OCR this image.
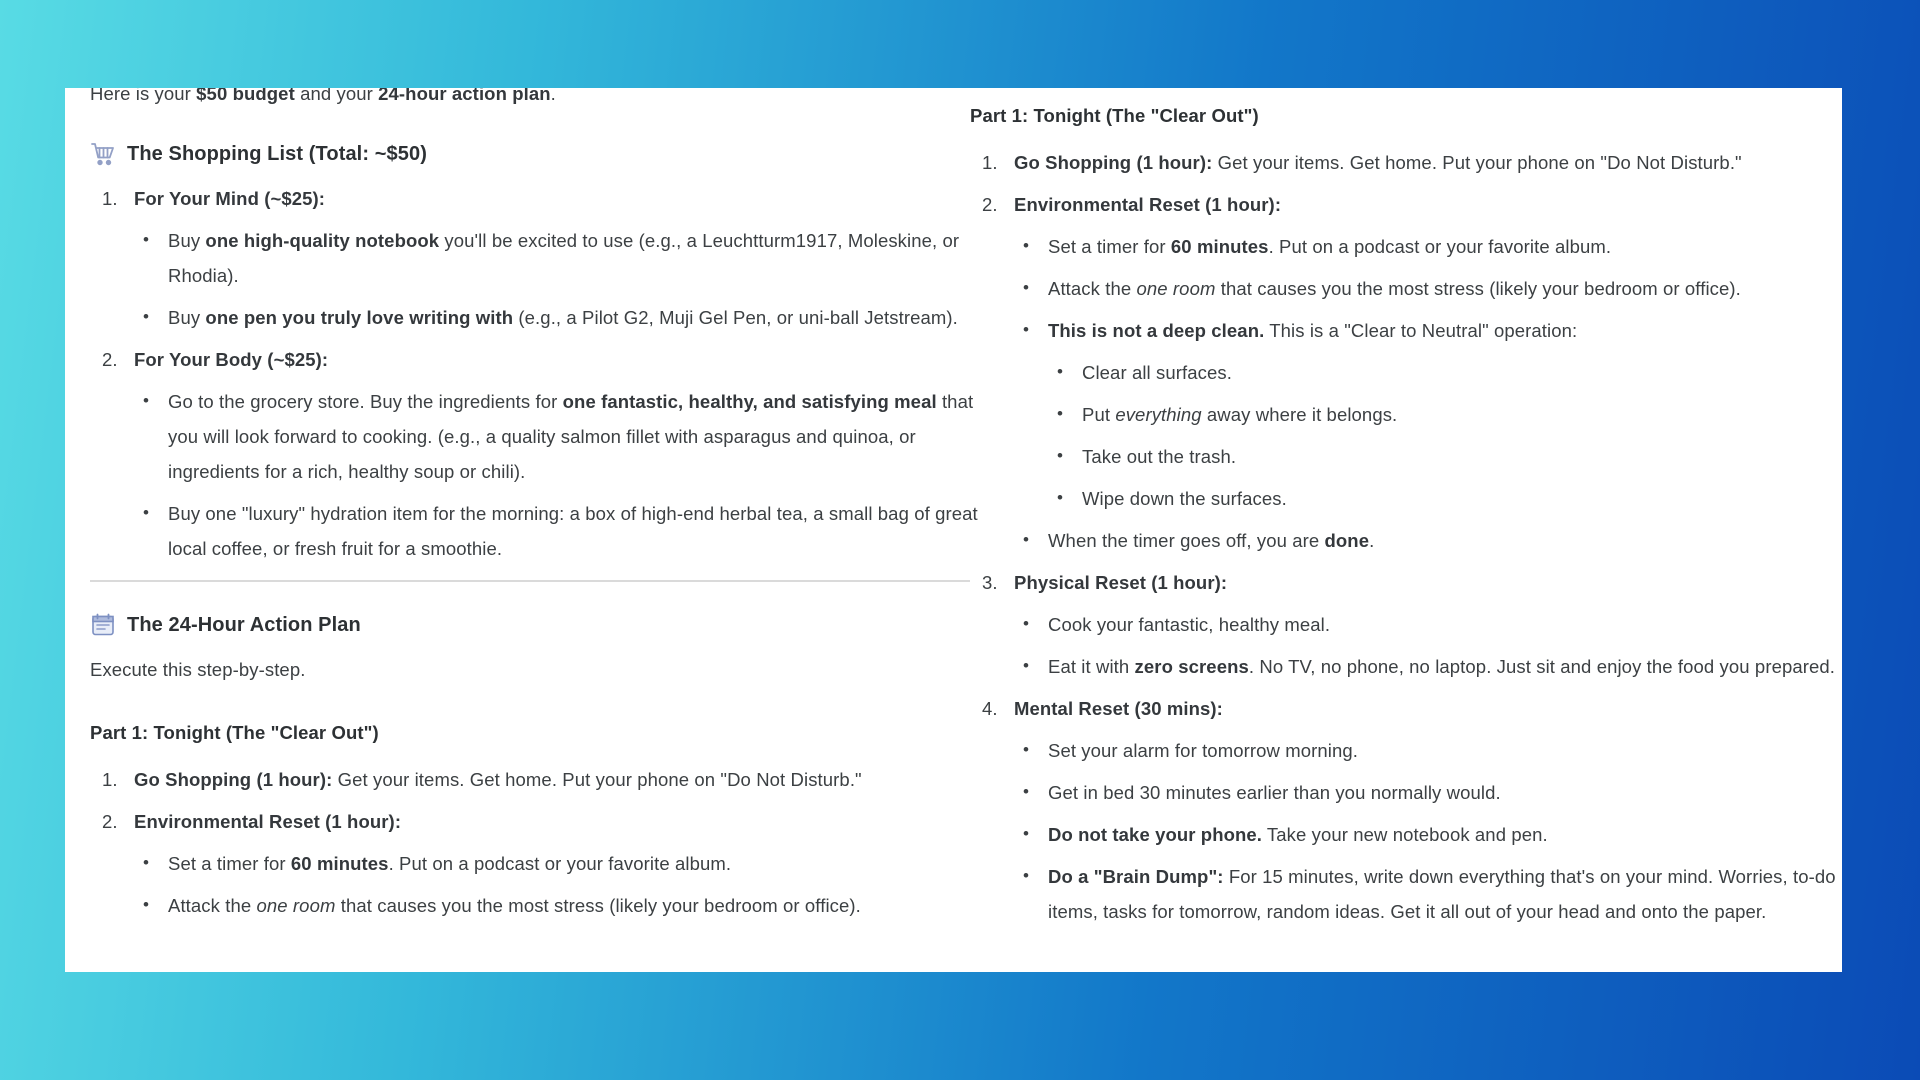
Here is your $50 budget and your 24-hour action plan.

The Shopping List (Total: ~$50)
1. For Your Mind (~$25):
• Buy one high-quality notebook you'll be excited to use (e.g., a Leuchtturm1917, Moleskine, or Rhodia).
• Buy one pen you truly love writing with (e.g., a Pilot G2, Muji Gel Pen, or uni-ball Jetstream).
2. For Your Body (~$25):
• Go to the grocery store. Buy the ingredients for one fantastic, healthy, and satisfying meal that you will look forward to cooking. (e.g., a quality salmon fillet with asparagus and quinoa, or ingredients for a rich, healthy soup or chili).
• Buy one "luxury" hydration item for the morning: a box of high-end herbal tea, a small bag of great local coffee, or fresh fruit for a smoothie.
The 24-Hour Action Plan

Execute this step-by-step.

Part 1: Tonight (The "Clear Out")

1. Go Shopping (1 hour): Get your items. Get home. Put your phone on "Do Not Disturb."
2. Environmental Reset (1 hour):
• Set a timer for 60 minutes. Put on a podcast or your favorite album.
• Attack the one room that causes you the most stress (likely your bedroom or office).

Part 1: Tonight (The "Clear Out")

1. Go Shopping (1 hour): Get your items. Get home. Put your phone on "Do Not Disturb."
2. Environmental Reset (1 hour):
• Set a timer for 60 minutes. Put on a podcast or your favorite album.
• Attack the one room that causes you the most stress (likely your bedroom or office).
• This is not a deep clean. This is a "Clear to Neutral" operation:
• Clear all surfaces.
• Put everything away where it belongs.
• Take out the trash.
• Wipe down the surfaces.
• When the timer goes off, you are done.
3. Physical Reset (1 hour):
• Cook your fantastic, healthy meal.
• Eat it with zero screens. No TV, no phone, no laptop. Just sit and enjoy the food you prepared.
4. Mental Reset (30 mins):
• Set your alarm for tomorrow morning.
• Get in bed 30 minutes earlier than you normally would.
• Do not take your phone. Take your new notebook and pen.
• Do a "Brain Dump": For 15 minutes, write down everything that's on your mind. Worries, to-do items, tasks for tomorrow, random ideas. Get it all out of your head and onto the paper.
